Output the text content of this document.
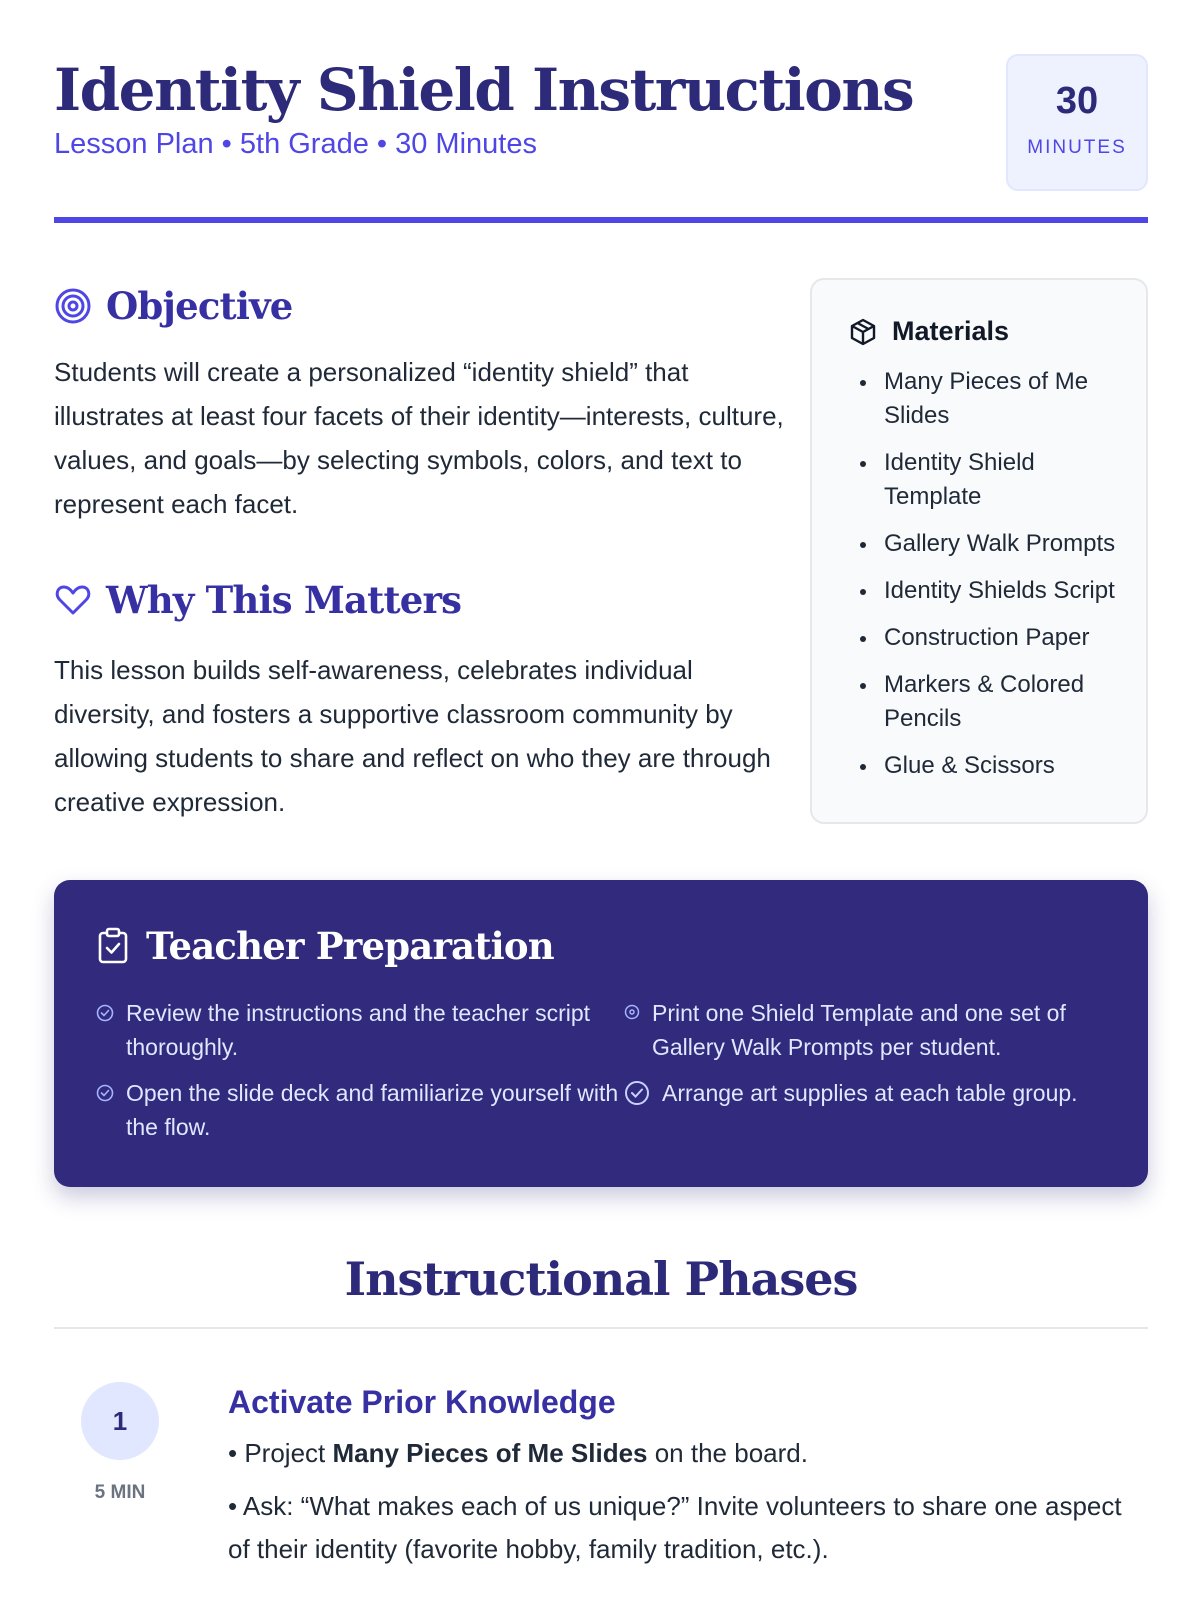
Identity Shield Instructions
Lesson Plan • 5th Grade • 30 Minutes
30
MINUTES
Objective

Students will create a personalized “identity shield” that illustrates at least four facets of their identity—interests, culture, values, and goals—by selecting symbols, colors, and text to represent each facet.

Why This Matters

This lesson builds self-awareness, celebrates individual diversity, and fosters a supportive classroom community by allowing students to share and reflect on who they are through creative expression.

Materials
Many Pieces of Me Slides
Identity Shield Template
Gallery Walk Prompts
Identity Shields Script
Construction Paper
Markers & Colored Pencils
Glue & Scissors
Teacher Preparation
Review the instructions and the teacher script thoroughly.
Print one Shield Template and one set of Gallery Walk Prompts per student.
Open the slide deck and familiarize yourself with the flow.
Arrange art supplies at each table group.
Instructional Phases
1
5 MIN
Activate Prior Knowledge

• Project Many Pieces of Me Slides on the board.

• Ask: “What makes each of us unique?” Invite volunteers to share one aspect of their identity (favorite hobby, family tradition, etc.).
